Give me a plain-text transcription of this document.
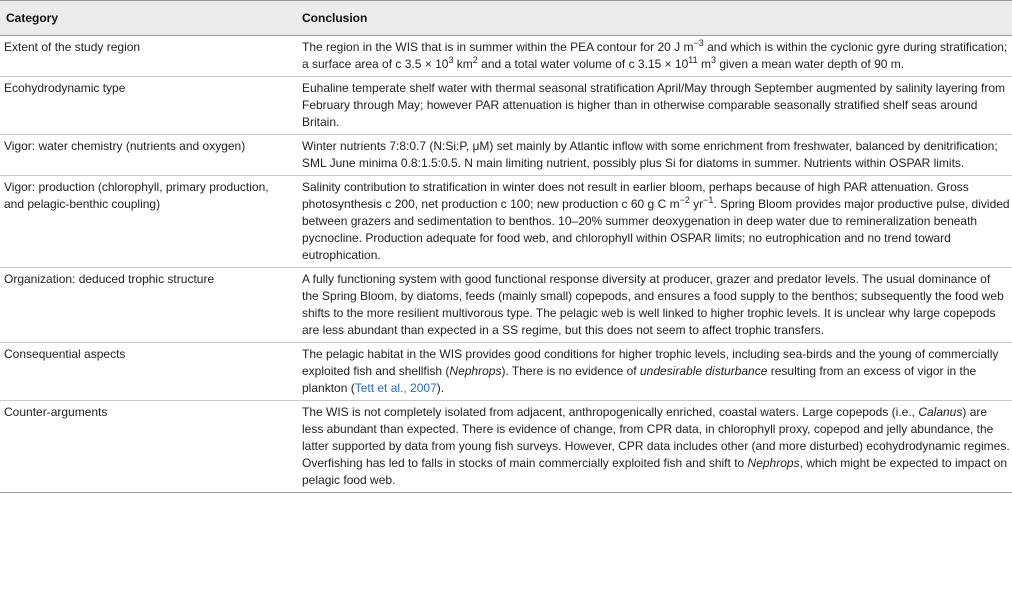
Category	Conclusion
Extent of the study region	The region in the WIS that is in summer within the PEA contour for 20 J $m^{-3}$ and which is within the cyclonic gyre during stratification; a surface area of c $3.5 \times 10^3$ $km^2$ and a total water volume of c $3.15 \times 10^{11}$ $m^3$ given a mean water depth of 90 m.
Ecohydrodynamic type	Euhaline temperate shelf water with thermal seasonal stratification April/May through September augmented by salinity layering from February through May; however PAR attenuation is higher than in otherwise comparable seasonally stratified shelf seas around Britain.
Vigor: water chemistry (nutrients and oxygen)	Winter nutrients 7:8:0.7 (N:Si:P, μM) set mainly by Atlantic inflow with some enrichment from freshwater, balanced by denitrification; SML June minima 0.8:1.5:0.5. N main limiting nutrient, possibly plus Si for diatoms in summer. Nutrients within OSPAR limits.
Vigor: production (chlorophyll, primary production, and pelagic-benthic coupling)	Salinity contribution to stratification in winter does not result in earlier bloom, perhaps because of high PAR attenuation. Gross photosynthesis c 200, net production c 100; new production c 60 g C $m^{-2}$ $yr^{-1}$. Spring Bloom provides major productive pulse, divided between grazers and sedimentation to benthos. 10–20% summer deoxygenation in deep water due to remineralization beneath pycnocline. Production adequate for food web, and chlorophyll within OSPAR limits; no eutrophication and no trend toward eutrophication.
Organization: deduced trophic structure	A fully functioning system with good functional response diversity at producer, grazer and predator levels. The usual dominance of the Spring Bloom, by diatoms, feeds (mainly small) copepods, and ensures a food supply to the benthos; subsequently the food web shifts to the more resilient multivorous type. The pelagic web is well linked to higher trophic levels. It is unclear why large copepods are less abundant than expected in a SS regime, but this does not seem to affect trophic transfers.
Consequential aspects	The pelagic habitat in the WIS provides good conditions for higher trophic levels, including sea-birds and the young of commercially exploited fish and shellfish (Nephrops). There is no evidence of undesirable disturbance resulting from an excess of vigor in the plankton (Tett et al., 2007).
Counter-arguments	The WIS is not completely isolated from adjacent, anthropogenically enriched, coastal waters. Large copepods (i.e., Calanus) are less abundant than expected. There is evidence of change, from CPR data, in chlorophyll proxy, copepod and jelly abundance, the latter supported by data from young fish surveys. However, CPR data includes other (and more disturbed) ecohydrodynamic regimes. Overfishing has led to falls in stocks of main commercially exploited fish and shift to Nephrops, which might be expected to impact on pelagic food web.
